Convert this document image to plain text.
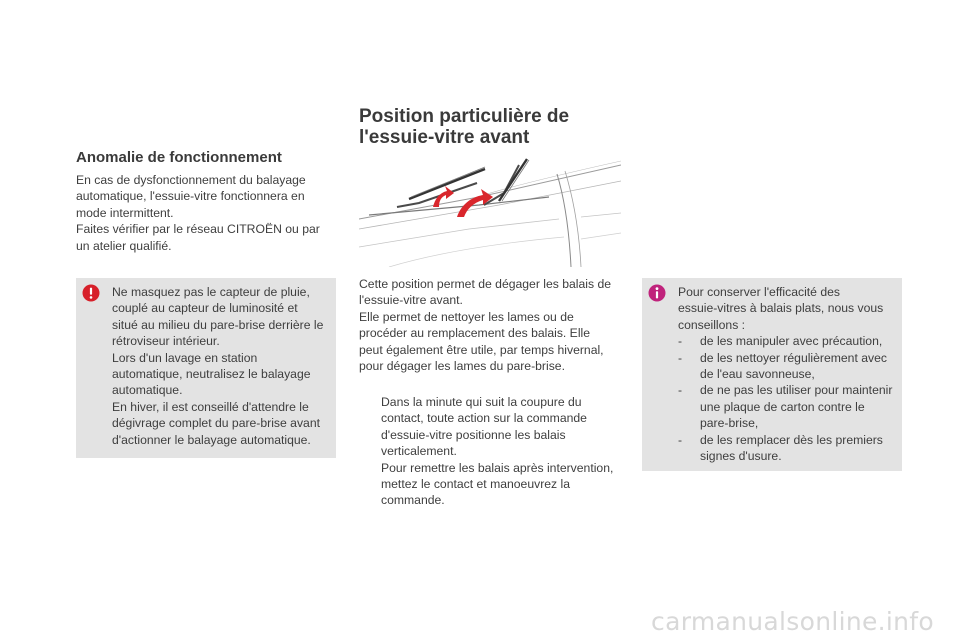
Anomalie de fonctionnement
En cas de dysfonctionnement du balayage
automatique, l'essuie-vitre fonctionnera en
mode intermittent.
Faites vérifier par le réseau CITROËN ou par
un atelier qualifié.
Ne masquez pas le capteur de pluie,
couplé au capteur de luminosité et
situé au milieu du pare-brise derrière le
rétroviseur intérieur.
Lors d'un lavage en station
automatique, neutralisez le balayage
automatique.
En hiver, il est conseillé d'attendre le
dégivrage complet du pare-brise avant
d'actionner le balayage automatique.
Position particulière de
l'essuie-vitre avant
Cette position permet de dégager les balais de
l'essuie-vitre avant.
Elle permet de nettoyer les lames ou de
procéder au remplacement des balais. Elle
peut également être utile, par temps hivernal,
pour dégager les lames du pare-brise.
Dans la minute qui suit la coupure du
contact, toute action sur la commande
d'essuie-vitre positionne les balais
verticalement.
Pour remettre les balais après intervention,
mettez le contact et manoeuvrez la
commande.
Pour conserver l'efficacité des
essuie-vitres à balais plats, nous vous
conseillons :
-	de les manipuler avec précaution,
-	de les nettoyer régulièrement avec
de l'eau savonneuse,
-	de ne pas les utiliser pour maintenir
une plaque de carton contre le
pare-brise,
-	de les remplacer dès les premiers
signes d'usure.
carmanualsonline.info
